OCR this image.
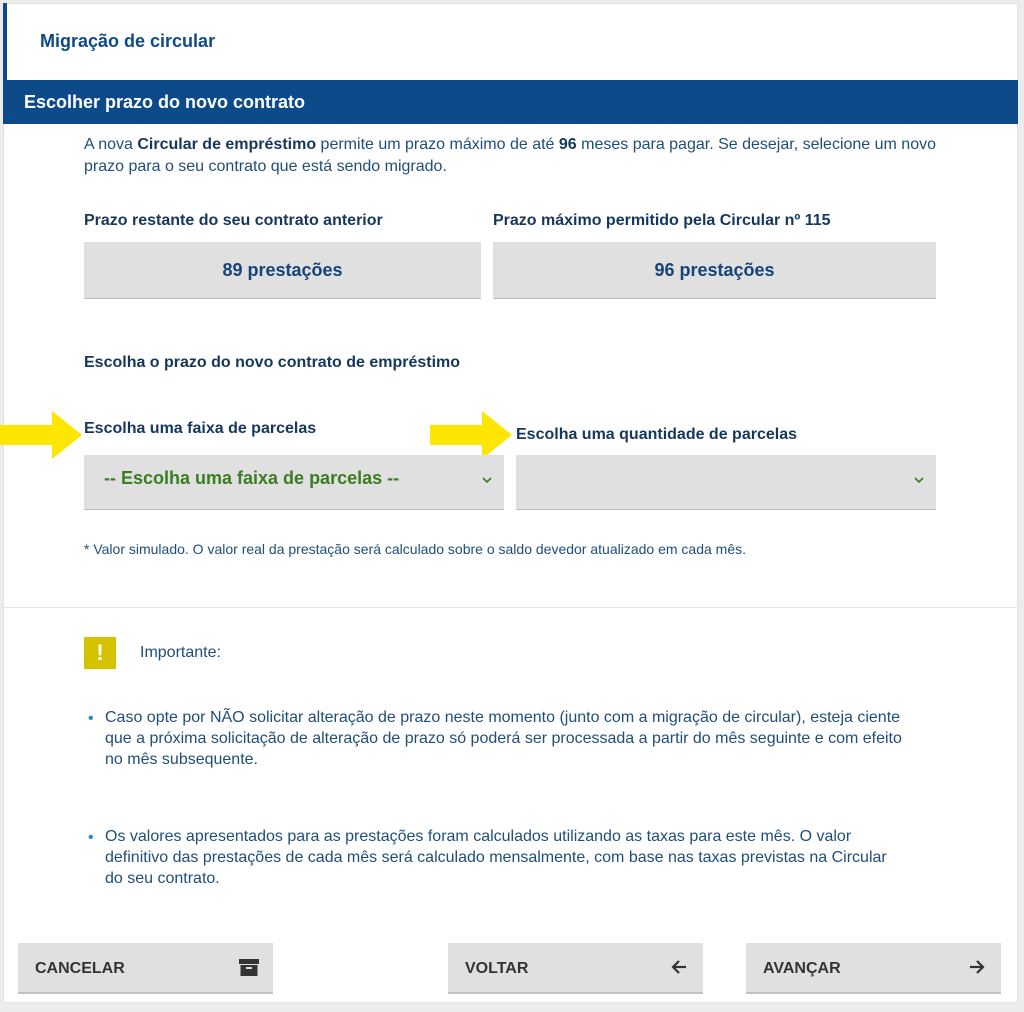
Migração de circular
Escolher prazo do novo contrato
A nova Circular de empréstimo permite um prazo máximo de até 96 meses para pagar. Se desejar, selecione um novo prazo para o seu contrato que está sendo migrado.
Prazo restante do seu contrato anterior
89 prestações
Prazo máximo permitido pela Circular nº 115
96 prestações
Escolha o prazo do novo contrato de empréstimo
Escolha uma faixa de parcelas
-- Escolha uma faixa de parcelas --
Escolha uma quantidade de parcelas
* Valor simulado. O valor real da prestação será calculado sobre o saldo devedor atualizado em cada mês.
!	Importante:
• Caso opte por NÃO solicitar alteração de prazo neste momento (junto com a migração de circular), esteja ciente que a próxima solicitação de alteração de prazo só poderá ser processada a partir do mês seguinte e com efeito no mês subsequente.
• Os valores apresentados para as prestações foram calculados utilizando as taxas para este mês. O valor definitivo das prestações de cada mês será calculado mensalmente, com base nas taxas previstas na Circular do seu contrato.
CANCELAR	VOLTAR	AVANÇAR
